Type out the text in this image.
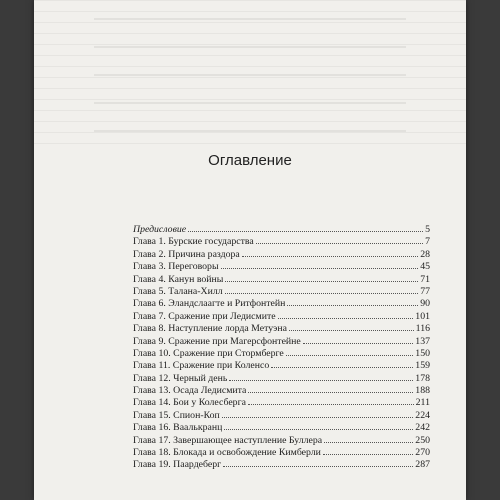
Оглавление
Предисловие	5
Глава 1. Бурские государства	7
Глава 2. Причина раздора	28
Глава 3. Переговоры	45
Глава 4. Канун войны	71
Глава 5. Талана-Хилл	77
Глава 6. Эландслаагте и Ритфонтейн	90
Глава 7. Сражение при Ледисмите	101
Глава 8. Наступление лорда Метуэна	116
Глава 9. Сражение при Магерсфонтейне	137
Глава 10. Сражение при Стормберге	150
Глава 11. Сражение при Коленсо	159
Глава 12. Черный день	178
Глава 13. Осада Ледисмита	188
Глава 14. Бои у Колесберга	211
Глава 15. Спион-Коп	224
Глава 16. Ваалькранц	242
Глава 17. Завершающее наступление Буллера	250
Глава 18. Блокада и освобождение Кимберли	270
Глава 19. Паардеберг	287
